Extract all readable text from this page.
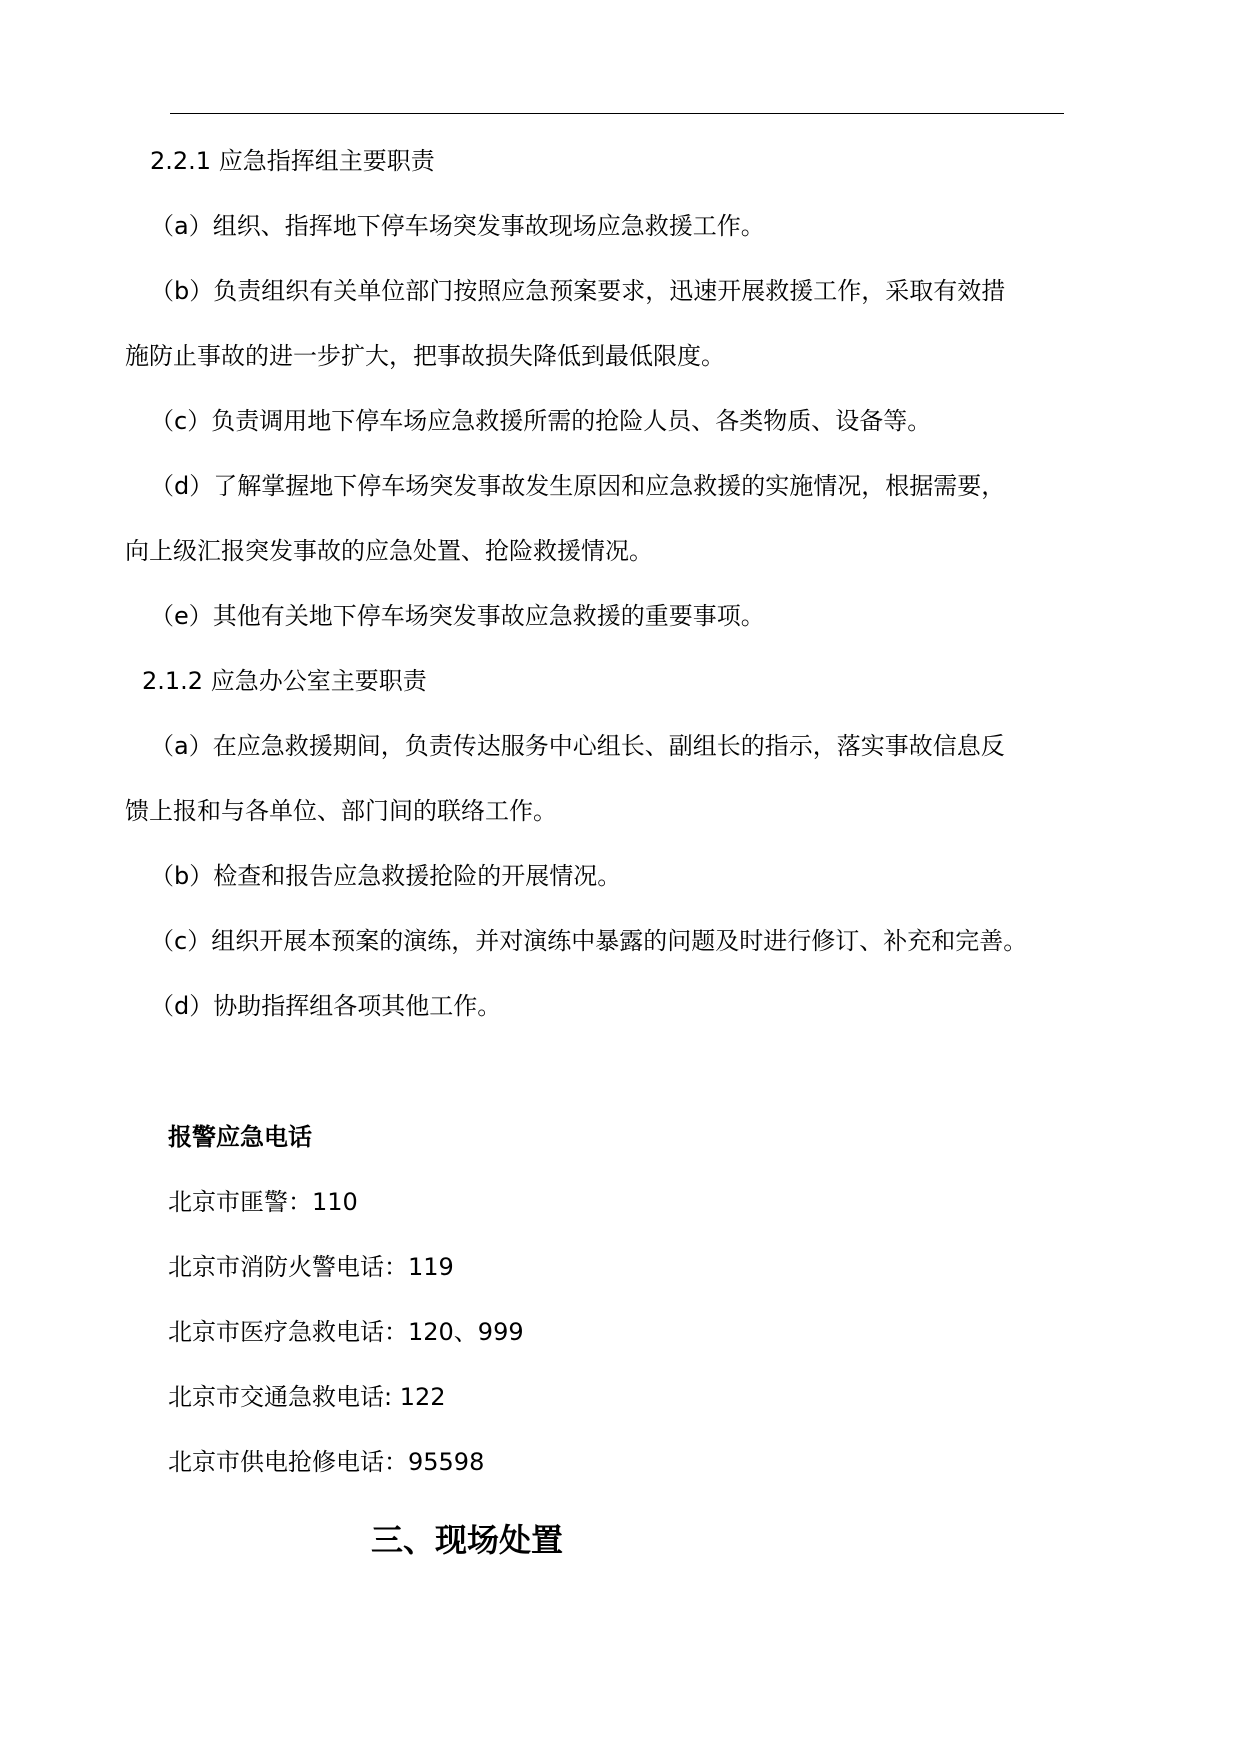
2.2.1 应急指挥组主要职责
（a）组织、指挥地下停车场突发事故现场应急救援工作。
（b）负责组织有关单位部门按照应急预案要求，迅速开展救援工作，采取有效措
施防止事故的进一步扩大，把事故损失降低到最低限度。
（c）负责调用地下停车场应急救援所需的抢险人员、各类物质、设备等。
（d）了解掌握地下停车场突发事故发生原因和应急救援的实施情况，根据需要，
向上级汇报突发事故的应急处置、抢险救援情况。
（e）其他有关地下停车场突发事故应急救援的重要事项。
2.1.2 应急办公室主要职责
（a）在应急救援期间，负责传达服务中心组长、副组长的指示，落实事故信息反
馈上报和与各单位、部门间的联络工作。
（b）检查和报告应急救援抢险的开展情况。
（c）组织开展本预案的演练，并对演练中暴露的问题及时进行修订、补充和完善。
（d）协助指挥组各项其他工作。
报警应急电话
北京市匪警：110
北京市消防火警电话：119
北京市医疗急救电话：120、999
北京市交通急救电话: 122
北京市供电抢修电话：95598
三、现场处置
